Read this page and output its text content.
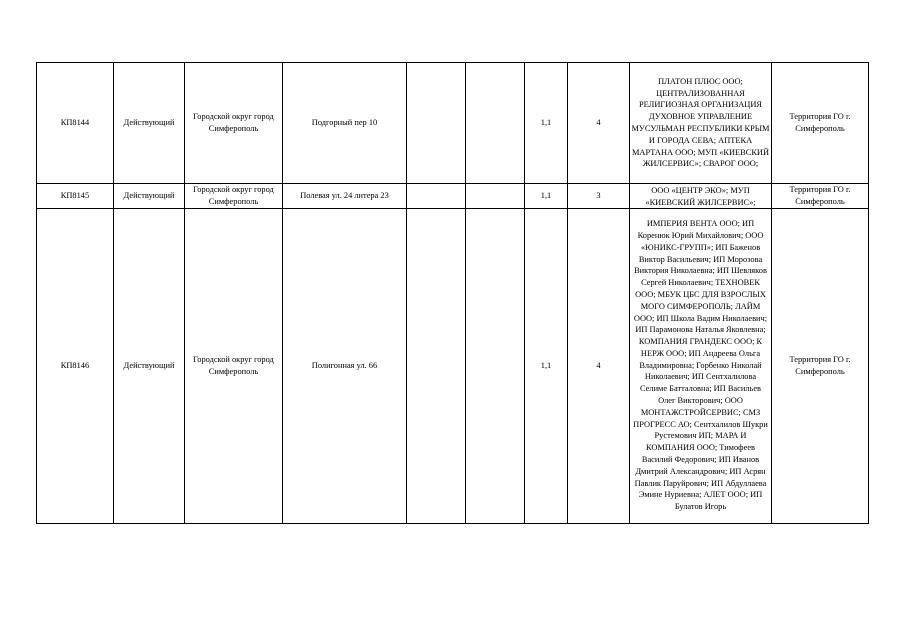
КП8144	Действующий	Городской округ город Симферополь	Подгорный пер 10			1,1	4	ПЛАТОН ПЛЮС ООО; ЦЕНТРАЛИЗОВАННАЯ РЕЛИГИОЗНАЯ ОРГАНИЗАЦИЯ ДУХОВНОЕ УПРАВЛЕНИЕ МУСУЛЬМАН РЕСПУБЛИКИ КРЫМ И ГОРОДА СЕВА; АПТЕКА МАРТАНА ООО; МУП «КИЕВСКИЙ ЖИЛСЕРВИС»; СВАРОГ ООО;	Территория ГО г. Симферополь
КП8145	Действующий	Городской округ город Симферополь	Полевая ул. 24 литера 23			1,1	3	ООО «ЦЕНТР ЭКО»; МУП «КИЕВСКИЙ ЖИЛСЕРВИС»;	Территория ГО г. Симферополь
КП8146	Действующий	Городской округ город Симферополь	Полигонная ул. 66			1,1	4	ИМПЕРИЯ ВЕНТА ООО; ИП Коренюк Юрий Михайлович; ООО «ЮНИКС-ГРУПП»; ИП Баженов Виктор Васильевич; ИП Морозова Виктория Николаевна; ИП Шевляков Сергей Николаевич; ТЕХНОВЕК ООО; МБУК ЦБС ДЛЯ ВЗРОСЛЫХ МОГО СИМФЕРОПОЛЬ; ЛАЙМ ООО; ИП Школа Вадим Николаевич; ИП Парамонова Наталья Яковлевна; КОМПАНИЯ ГРАНДЕКС ООО; К НЕРЖ ООО; ИП Андреева Ольга Владимировна; Горбенко Николай Николаевич; ИП Сентхалилова Селиме Батталовна; ИП Васильев Олег Викторович; ООО МОНТАЖСТРОЙСЕРВИС; СМЗ ПРОГРЕСС АО; Сентхалилов Шукри Рустемович ИП; МАРА И КОМПАНИЯ ООО; Тимофеев Василий Федорович; ИП Иванов Дмитрий Александрович; ИП Асрян Павлик Паруйрович; ИП Абдуллаева Эмине Нуриевна; АЛЕТ ООО; ИП Булатов Игорь	Территория ГО г. Симферополь
